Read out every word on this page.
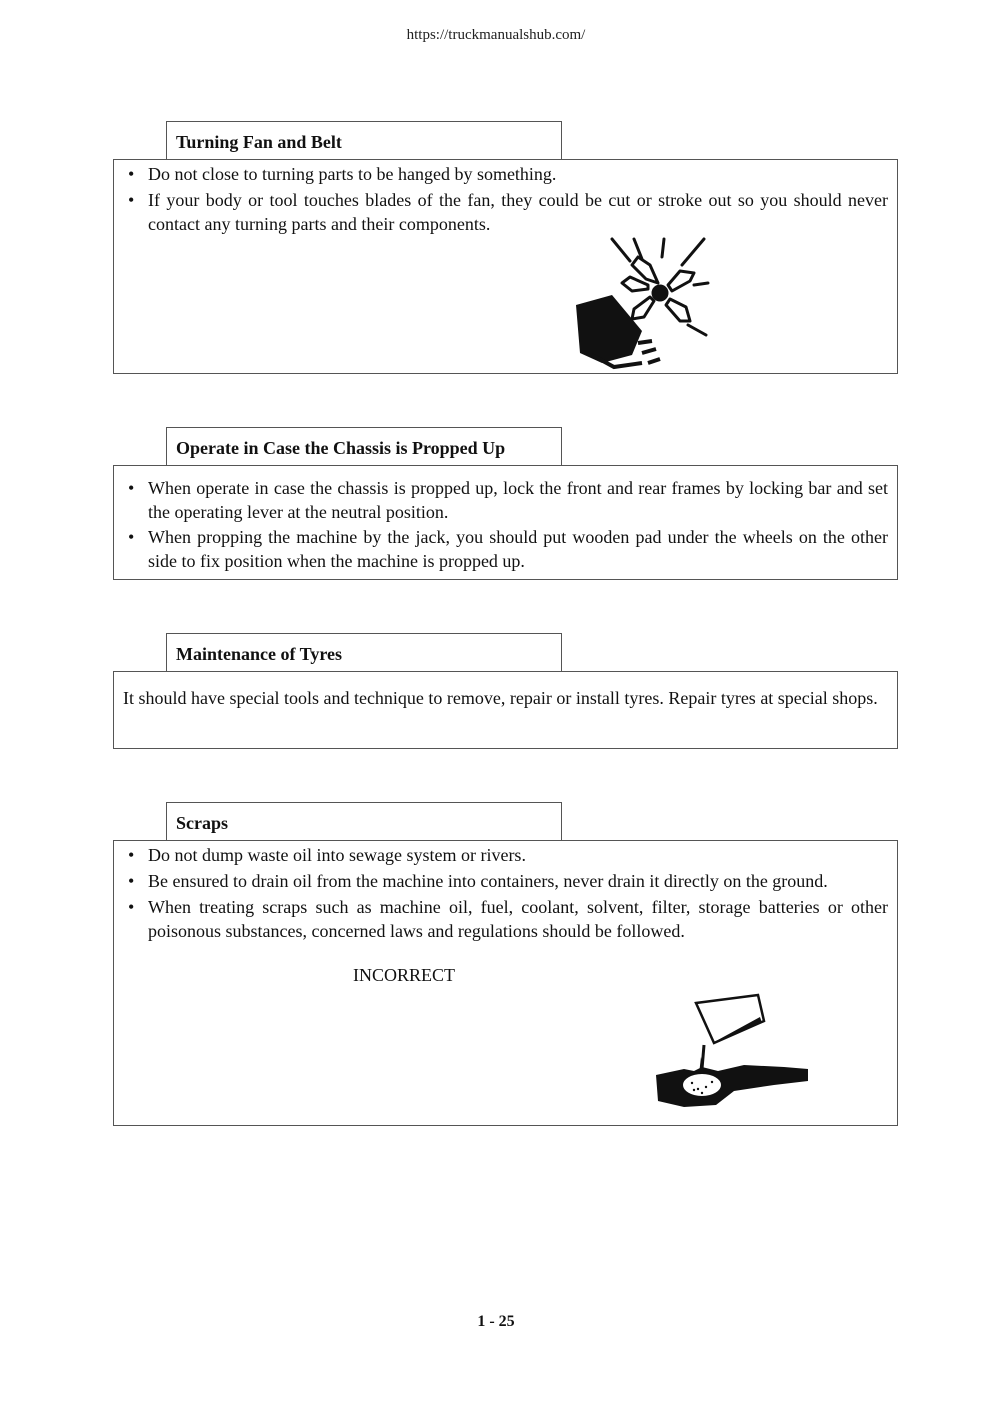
https://truckmanualshub.com/
Turning Fan and Belt
• Do not close to turning parts to be hanged by something.
• If your body or tool touches blades of the fan, they could be cut or stroke out so you should never contact any turning parts and their components.
Operate in Case the Chassis is Propped Up
• When operate in case the chassis is propped up, lock the front and rear frames by locking bar and set the operating lever at the neutral position.
• When propping the machine by the jack, you should put wooden pad under the wheels on the other side to fix position when the machine is propped up.
Maintenance of Tyres
It should have special tools and technique to remove, repair or install tyres. Repair tyres at special shops.
Scraps
• Do not dump waste oil into sewage system or rivers.
• Be ensured to drain oil from the machine into containers, never drain it directly on the ground.
• When treating scraps such as machine oil, fuel, coolant, solvent, filter, storage batteries or other poisonous substances, concerned laws and regulations should be followed.
INCORRECT
1 - 25
